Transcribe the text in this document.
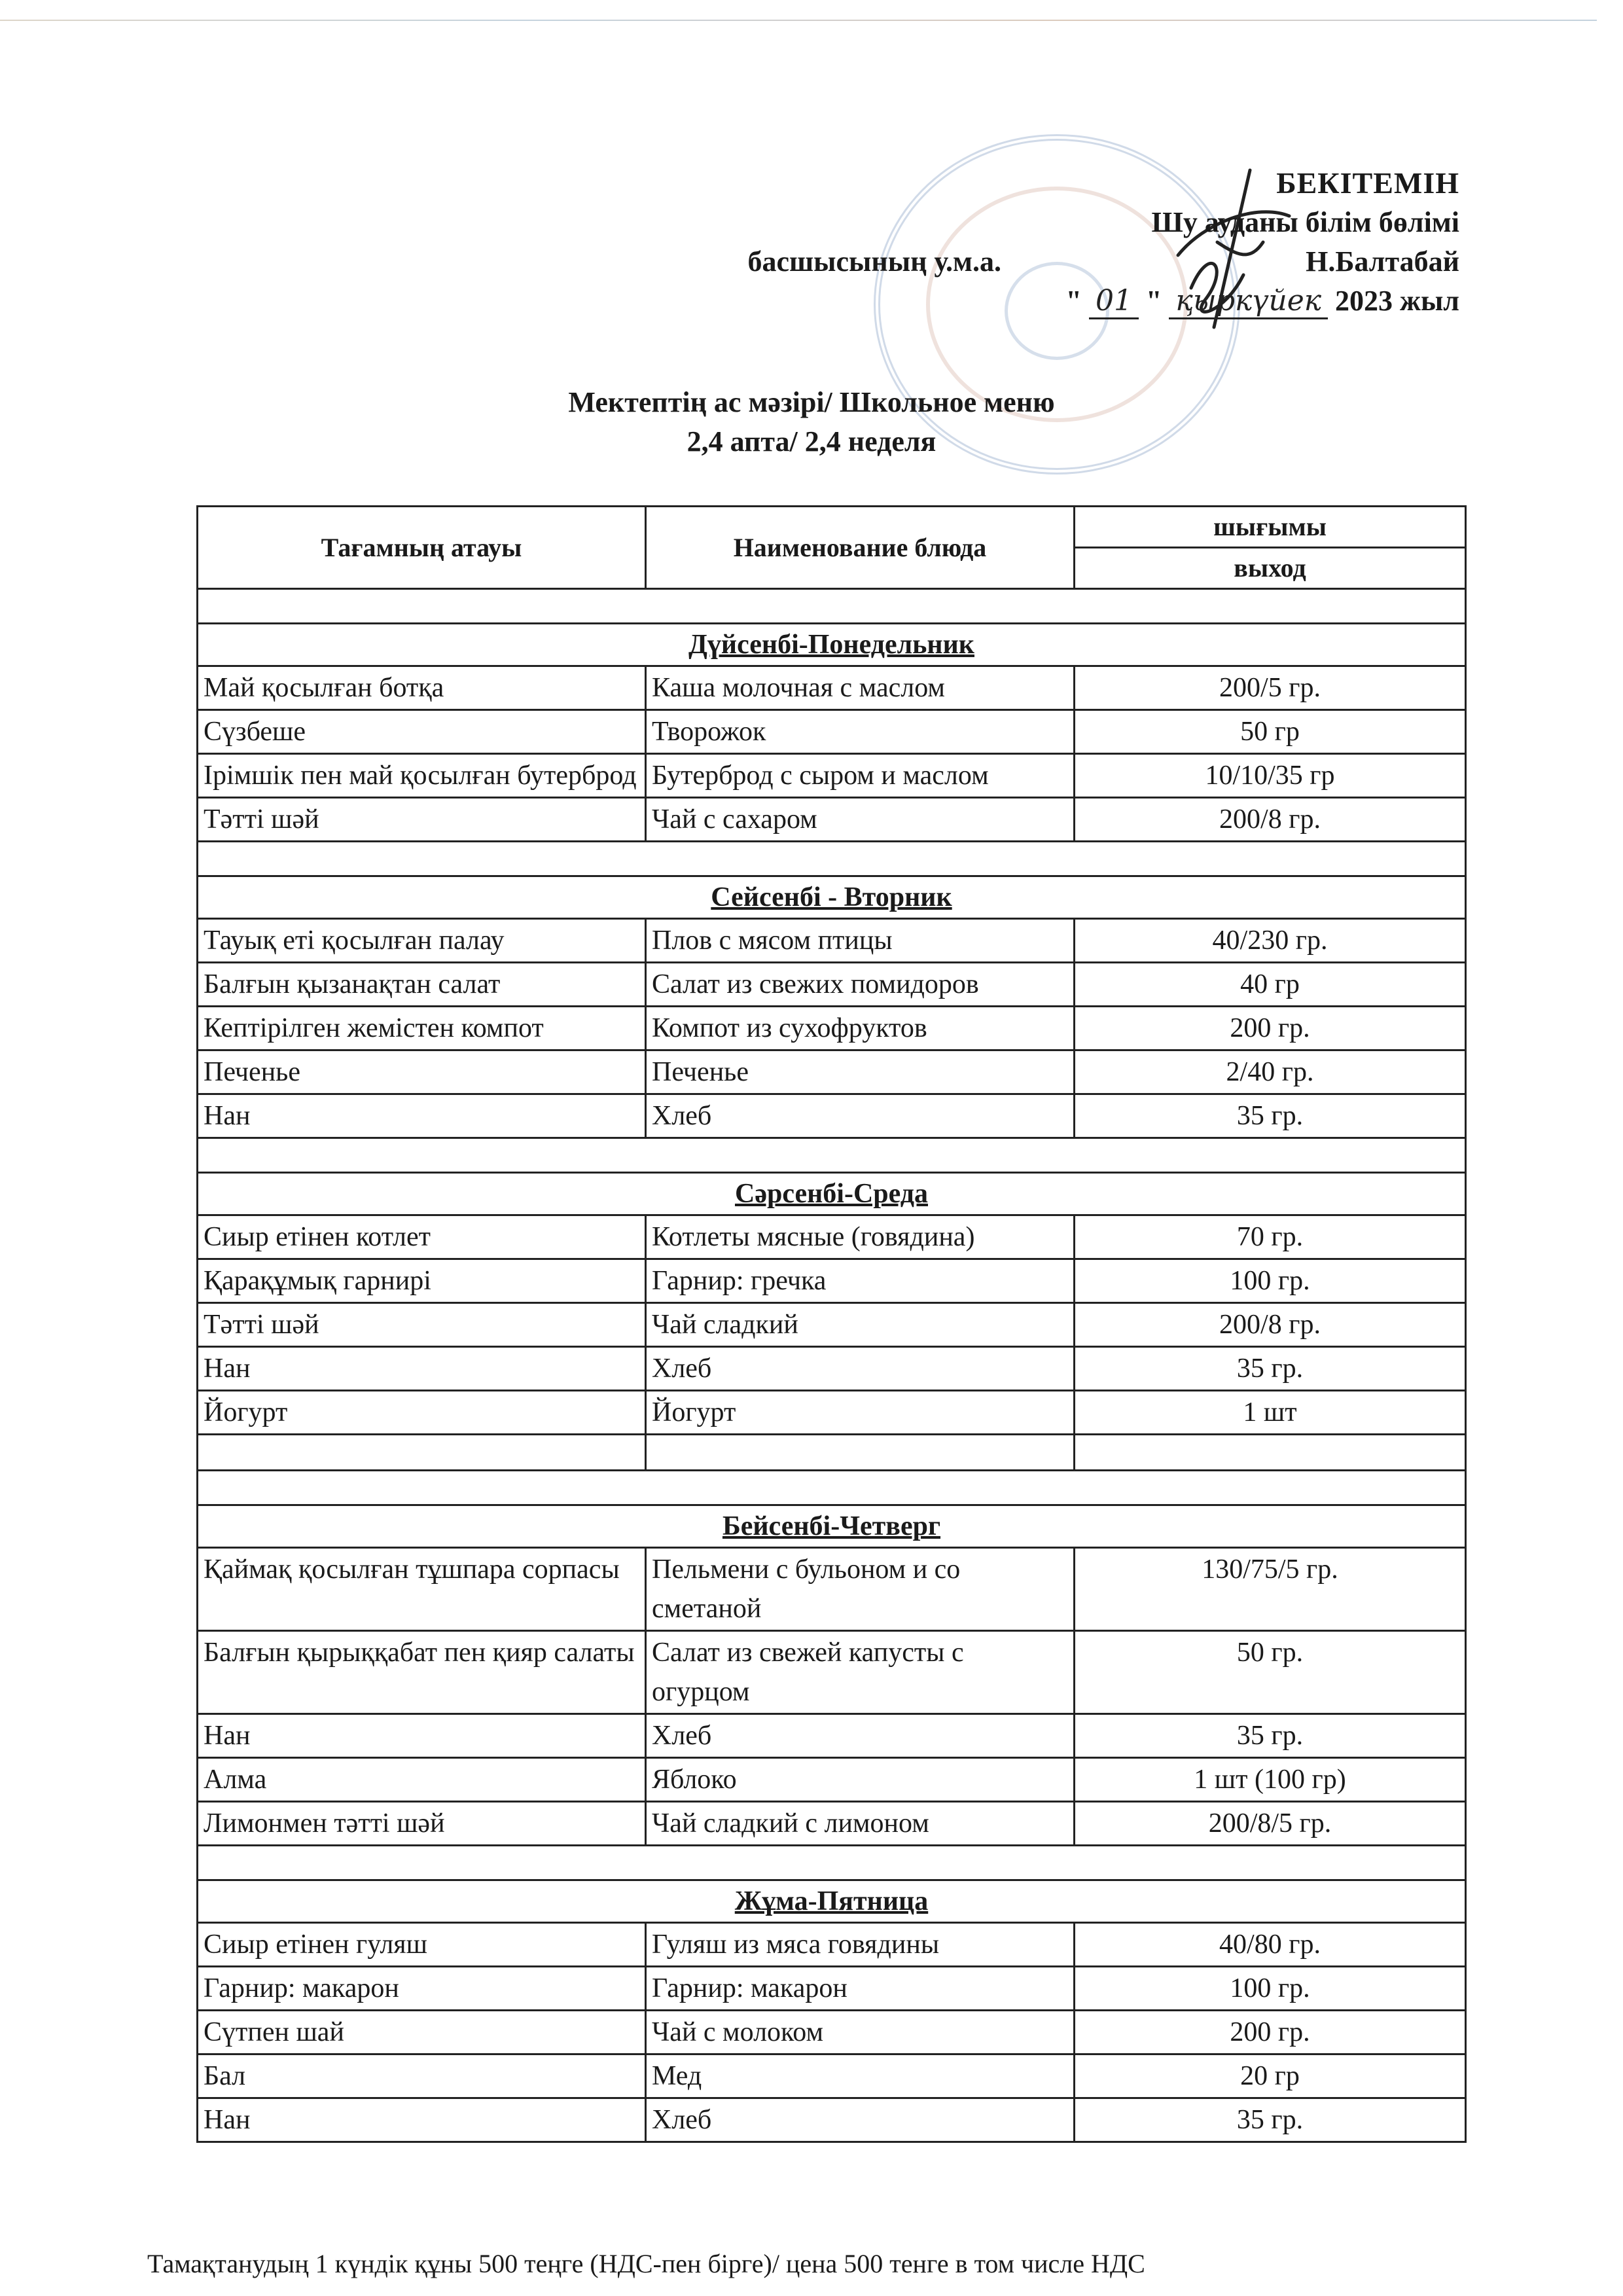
БЕКІТЕМІН
Шу ауданы білім бөлімі
басшысының у.м.а.	Н.Балтабай
" 01 " қыркүйек 2023 жыл
Мектептің ас мәзірі/ Школьное меню
2,4 апта/ 2,4 неделя
Тағамның атауы	Наименование блюда	шығымы
		выход

Дүйсенбі-Понедельник		
Май қосылған ботқа	Каша молочная с маслом	200/5 гр.
Сүзбеше	Творожок	50 гр
Ірімшік пен май қосылған бутерброд	Бутерброд с сыром и маслом	10/10/35 гр
Тәтті шәй	Чай с сахаром	200/8 гр.

Сейсенбі - Вторник		
Тауық еті қосылған палау	Плов с мясом птицы	40/230 гр.
Балғын қызанақтан салат	Салат из свежих помидоров	40 гр
Кептірілген жемістен компот	Компот из сухофруктов	200 гр.
Печенье	Печенье	2/40 гр.
Нан	Хлеб	35 гр.

Сәрсенбі-Среда		
Сиыр етінен котлет	Котлеты мясные (говядина)	70 гр.
Қарақұмық гарнирі	Гарнир: гречка	100 гр.
Тәтті шәй	Чай сладкий	200/8 гр.
Нан	Хлеб	35 гр.
Йогурт	Йогурт	1 шт

Бейсенбі-Четверг		
Қаймақ қосылған тұшпара сорпасы	Пельмени с бульоном и со сметаной	130/75/5 гр.
Балғын қырыққабат пен қияр салаты	Салат из свежей капусты с огурцом	50 гр.
Нан	Хлеб	35 гр.
Алма	Яблоко	1 шт (100 гр)
Лимонмен тәтті шәй	Чай сладкий с лимоном	200/8/5 гр.

Жұма-Пятница		
Сиыр етінен гуляш	Гуляш из мяса говядины	40/80 гр.
Гарнир: макарон	Гарнир: макарон	100 гр.
Сүтпен шай	Чай с молоком	200 гр.
Бал	Мед	20 гр
Нан	Хлеб	35 гр.
Тамақтанудың 1 күндік құны 500 теңге (НДС-пен бірге)/ цена 500 тенге в том числе НДС
